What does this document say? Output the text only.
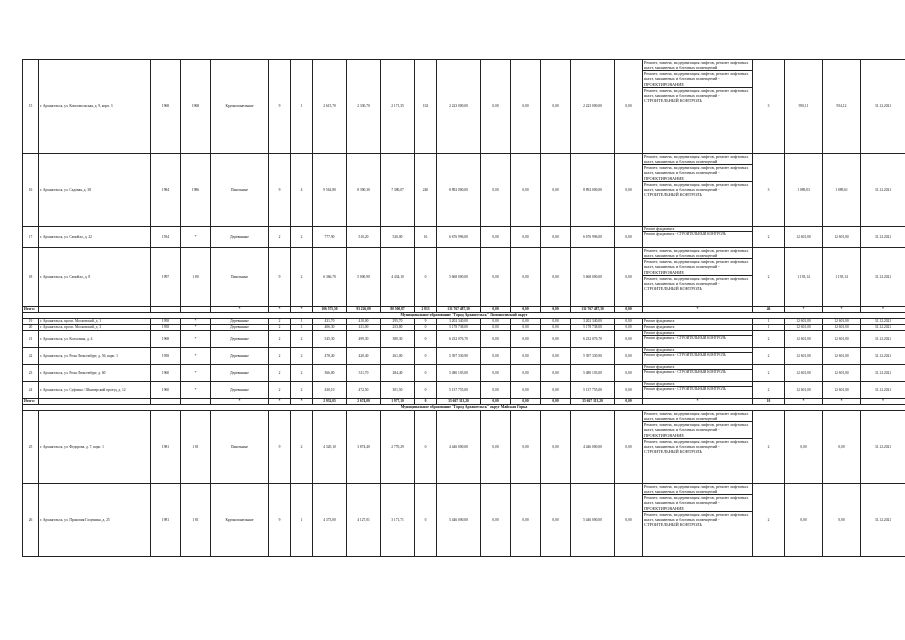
15	г. Архангельск, ул. Комсомольская, д. 9, корп. 3	1968	1968	Крупнопанельные	9	1	2 615,70	2 330,70	2 171,35	102	2 223 000,00	0,00	0,00	0,00	2 223 000,00	0,00	Ремонт, замена, модернизация лифтов, ремонт лифтовых шахт, машинных и блочных помещений
Ремонт, замена, модернизация лифтов, ремонт лифтовых шахт, машинных и блочных помещений - ПРОЕКТИРОВАНИЕ
Ремонт, замена, модернизация лифтов, ремонт лифтовых шахт, машинных и блочных помещений - СТРОИТЕЛЬНЫЙ КОНТРОЛЬ	3	950,11	954,12	31.12.2021
16	г. Архангельск, ул. Садовая, д. 38	1984	1986	Панельные	9	4	9 562,80	8 390,30	7 380,07	240	8 892 000,00	0,00	0,00	0,00	8 892 000,00	0,00	Ремонт, замена, модернизация лифтов, ремонт лифтовых шахт, машинных и блочных помещений
Ремонт, замена, модернизация лифтов, ремонт лифтовых шахт, машинных и блочных помещений - ПРОЕКТИРОВАНИЕ
Ремонт, замена, модернизация лифтов, ремонт лифтовых шахт, машинных и блочных помещений - СТРОИТЕЛЬНЫЙ КОНТРОЛЬ	3	1 089,03	1 089,61	31.12.2021
17	г. Архангельск, ул. Самойло, д. 22	1934	*	Деревянные	2	2	777,90	510,20	520,00	16	6 676 996,00	0,00	0,00	0,00	6 676 996,00	0,00	Ремонт фундамента
Ремонт фундамента - СТРОИТЕЛЬНЫЙ КОНТРОЛЬ	2	12 601,00	12 601,00	31.12.2021
18	г. Архангельск, ул. Самойло, д. 8	1997	1 80	Панельные	9	2	6 366,70	5 000,90	4 434,10	0	5 668 000,00	0,00	0,00	0,00	5 668 000,00	0,00	Ремонт, замена, модернизация лифтов, ремонт лифтовых шахт, машинных и блочных помещений
Ремонт, замена, модернизация лифтов, ремонт лифтовых шахт, машинных и блочных помещений - ПРОЕКТИРОВАНИЕ
Ремонт, замена, модернизация лифтов, ремонт лифтовых шахт, машинных и блочных помещений - СТРОИТЕЛЬНЫЙ КОНТРОЛЬ	2	1 193,14	1 193,14	31.12.2021
Итого:				*	*	*	106 575,50	93 226,09	80 500,87	2 813	131 767 487,30	0,00	0,00	0,00	131 767 487,30	0,00	*	46	*	*	*
Муниципальное образование "Город Архангельск" Ломоносовский округ																					
19	г. Архангельск, просп. Московский, д. 1	1958	*	Деревянные	2	1	431,70	410,00	295,70	9	3 202 340,00	0,00	0,00	0,00	3 202 340,00	0,00	Ремонт фундамента	1	12 601,00	12 601,00	31.12.2021
20	г. Архангельск, просп. Московский, д. 3	1958	*	Деревянные	2	1	406,30	411,00	253,80	0	5 178 738,00	0,00	0,00	0,00	5 178 738,00	0,00	Ремонт фундамента	1	12 601,00	12 601,00	31.12.2021
21	г. Архангельск, ул. Колхозная, д. 4	1968	*	Деревянные	2	2	545,30	499,30	380,30	0	6 232 076,70	0,00	0,00	0,00	6 232 076,70	0,00	Ремонт фундамента
Ремонт фундамента - СТРОИТЕЛЬНЫЙ КОНТРОЛЬ	2	12 601,00	12 601,00	31.12.2021
22	г. Архангельск, ул. Розы Люксембург, д. 56, корп. 1	1958	*	Деревянные	2	2	478,40	420,40	261,00	0	5 397 330,90	0,00	0,00	0,00	5 397 330,90	0,00	Ремонт фундамента
Ремонт фундамента - СТРОИТЕЛЬНЫЙ КОНТРОЛЬ	2	12 601,00	12 601,00	31.12.2021
23	г. Архангельск, ул. Розы Люксембург, д. 60	1960	*	Деревянные	2	2	366,00	311,70	284,40	0	5 480 103,00	0,00	0,00	0,00	5 480 103,00	0,00	Ремонт фундамента
Ремонт фундамента - СТРОИТЕЛЬНЫЙ КОНТРОЛЬ	2	12 601,00	12 601,00	31.12.2021
24	г. Архангельск, ул. Суфтина / Шкиперский проезд, д. 12	1960	*	Деревянные	2	2	430,10	472,50	301,50	0	5 137 755,00	0,00	0,00	0,00	5 137 755,00	0,00	Ремонт фундамента
Ремонт фундамента - СТРОИТЕЛЬНЫЙ КОНТРОЛЬ	2	12 601,00	12 601,00	31.12.2021
Итого:				*	*	*	2 932,05	2 674,00	1 977,10	0	35 667 313,20	0,00	0,00	0,00	35 667 313,20	0,00	*	10	*	*	*
Муниципальное образование "Город Архангельск" округ Майская Горка																					
25	г. Архангельск, ул. Федорова, д. 7, корп. 1	1981	1 81	Панельные	9	2	4 320,10	3 874,40	2 770,29	0	4 446 000,00	0,00	0,00	0,00	4 446 000,00	0,00	Ремонт, замена, модернизация лифтов, ремонт лифтовых шахт, машинных и блочных помещений
Ремонт, замена, модернизация лифтов, ремонт лифтовых шахт, машинных и блочных помещений - ПРОЕКТИРОВАНИЕ
Ремонт, замена, модернизация лифтов, ремонт лифтовых шахт, машинных и блочных помещений - СТРОИТЕЛЬНЫЙ КОНТРОЛЬ	2	0,00	0,00	31.12.2021
26	г. Архангельск, ул. Прокопия Галушина, д. 25	1981	1 81	Крупнопанельные	9	1	4 373,00	4 127,01	3 171,71	0	5 446 000,00	0,00	0,00	0,00	5 446 000,00	0,00	Ремонт, замена, модернизация лифтов, ремонт лифтовых шахт, машинных и блочных помещений
Ремонт, замена, модернизация лифтов, ремонт лифтовых шахт, машинных и блочных помещений - ПРОЕКТИРОВАНИЕ
Ремонт, замена, модернизация лифтов, ремонт лифтовых шахт, машинных и блочных помещений - СТРОИТЕЛЬНЫЙ КОНТРОЛЬ	2	0,00	0,00	31.12.2021
